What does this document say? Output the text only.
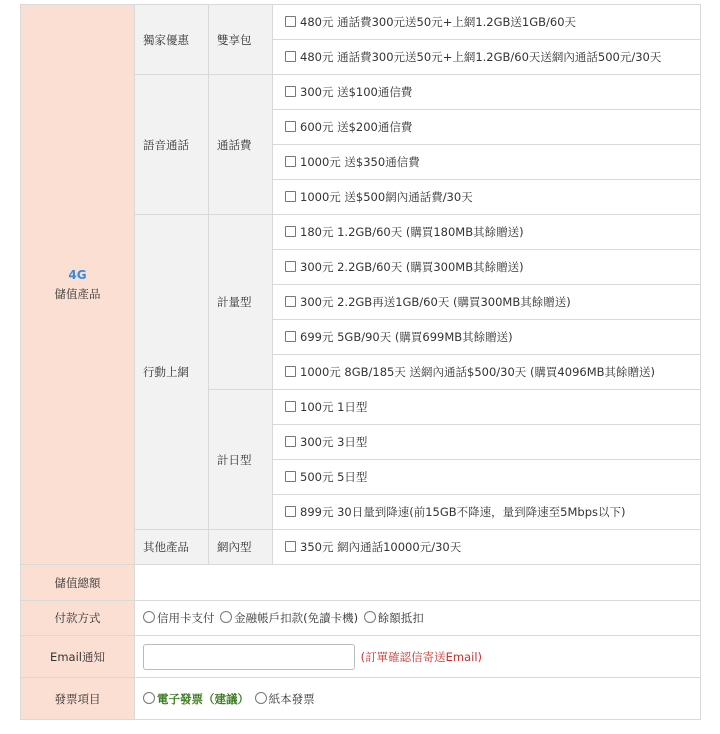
4G
儲值產品	獨家優惠	雙享包	480元 通話費300元送50元+上網1.2GB送1GB/60天
			480元 通話費300元送50元+上網1.2GB/60天送網內通話500元/30天
	語音通話	通話費	300元 送$100通信費
			600元 送$200通信費
			1000元 送$350通信費
			1000元 送$500網內通話費/30天
	行動上網	計量型	180元 1.2GB/60天 (購買180MB其餘贈送)
			300元 2.2GB/60天 (購買300MB其餘贈送)
			300元 2.2GB再送1GB/60天 (購買300MB其餘贈送)
			699元 5GB/90天 (購買699MB其餘贈送)
			1000元 8GB/185天 送網內通話$500/30天 (購買4096MB其餘贈送)
		計日型	100元 1日型
			300元 3日型
			500元 5日型
			899元 30日量到降速(前15GB不降速，量到降速至5Mbps以下)
	其他產品	網內型	350元 網內通話10000元/30天
儲值總額			
付款方式	信用卡支付 金融帳戶扣款(免讀卡機) 餘額抵扣		
Email通知	(訂單確認信寄送Email)		
發票項目	電子發票（建議） 紙本發票		
